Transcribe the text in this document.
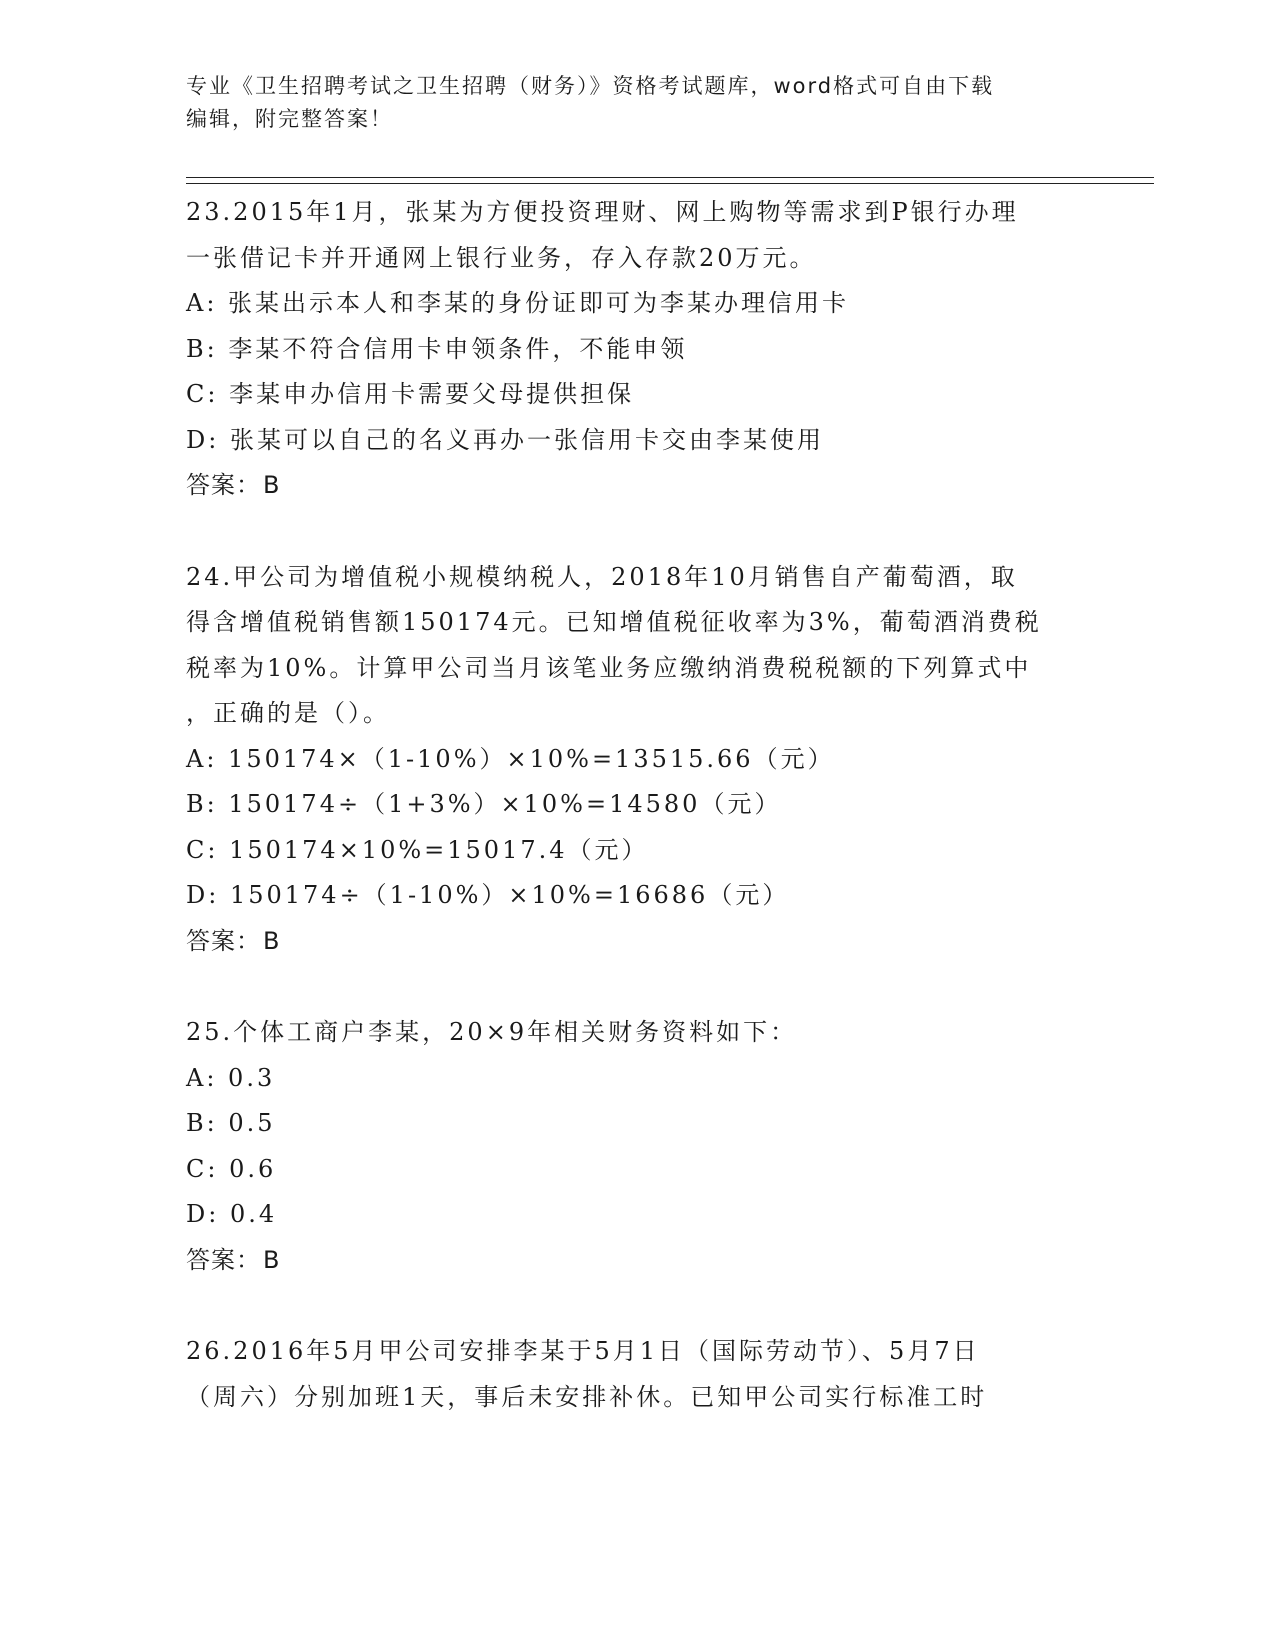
专业《卫生招聘考试之卫生招聘（财务）》资格考试题库，word格式可自由下载
编辑，附完整答案！
23.2015年1月，张某为方便投资理财、网上购物等需求到P银行办理
一张借记卡并开通网上银行业务，存入存款20万元。
A: 张某出示本人和李某的身份证即可为李某办理信用卡
B: 李某不符合信用卡申领条件，不能申领
C: 李某申办信用卡需要父母提供担保
D: 张某可以自己的名义再办一张信用卡交由李某使用
答案：B
24.甲公司为增值税小规模纳税人，2018年10月销售自产葡萄酒，取
得含增值税销售额150174元。已知增值税征收率为3%，葡萄酒消费税
税率为10%。计算甲公司当月该笔业务应缴纳消费税税额的下列算式中
，正确的是（）。
A: 150174×（1-10%）×10%=13515.66（元）
B: 150174÷（1+3%）×10%=14580（元）
C: 150174×10%=15017.4（元）
D: 150174÷（1-10%）×10%=16686（元）
答案：B
25.个体工商户李某，20×9年相关财务资料如下：
A: 0.3
B: 0.5
C: 0.6
D: 0.4
答案：B
26.2016年5月甲公司安排李某于5月1日（国际劳动节）、5月7日
（周六）分别加班1天，事后未安排补休。已知甲公司实行标准工时
